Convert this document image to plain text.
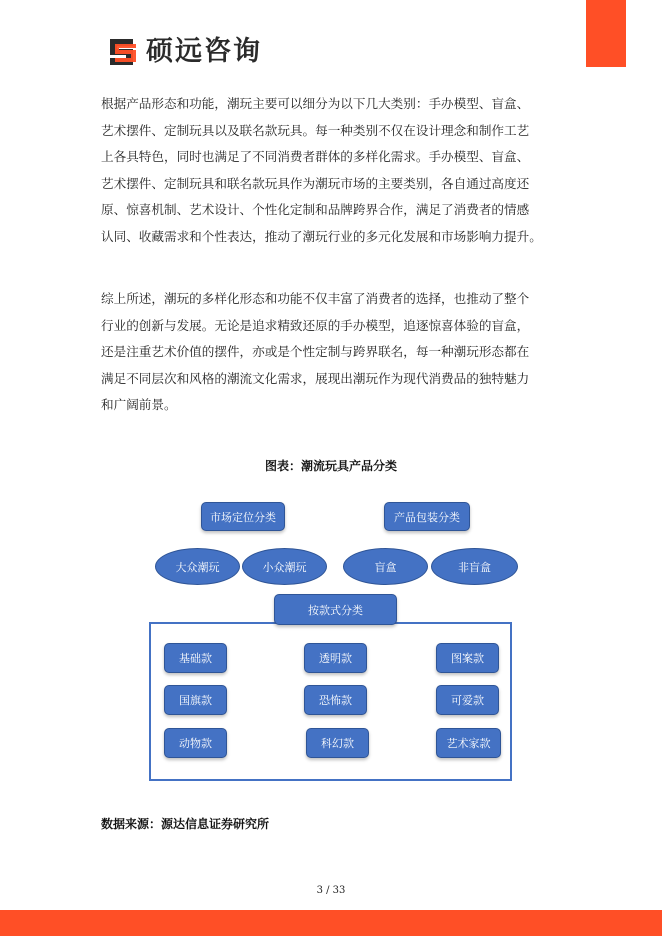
硕远咨询

根据产品形态和功能，潮玩主要可以细分为以下几大类别：手办模型、盲盒、

艺术摆件、定制玩具以及联名款玩具。每一种类别不仅在设计理念和制作工艺

上各具特色，同时也满足了不同消费者群体的多样化需求。手办模型、盲盒、

艺术摆件、定制玩具和联名款玩具作为潮玩市场的主要类别，各自通过高度还

原、惊喜机制、艺术设计、个性化定制和品牌跨界合作，满足了消费者的情感

认同、收藏需求和个性表达，推动了潮玩行业的多元化发展和市场影响力提升。

综上所述，潮玩的多样化形态和功能不仅丰富了消费者的选择，也推动了整个

行业的创新与发展。无论是追求精致还原的手办模型，追逐惊喜体验的盲盒，

还是注重艺术价值的摆件，亦或是个性定制与跨界联名，每一种潮玩形态都在

满足不同层次和风格的潮流文化需求，展现出潮玩作为现代消费品的独特魅力

和广阔前景。

图表：潮流玩具产品分类
市场定位分类	产品包装分类
大众潮玩	小众潮玩	盲盒	非盲盒
按款式分类
基础款	透明款	图案款
国旗款	恐怖款	可爱款
动物款	科幻款	艺术家款
数据来源：源达信息证券研究所
3 / 33
